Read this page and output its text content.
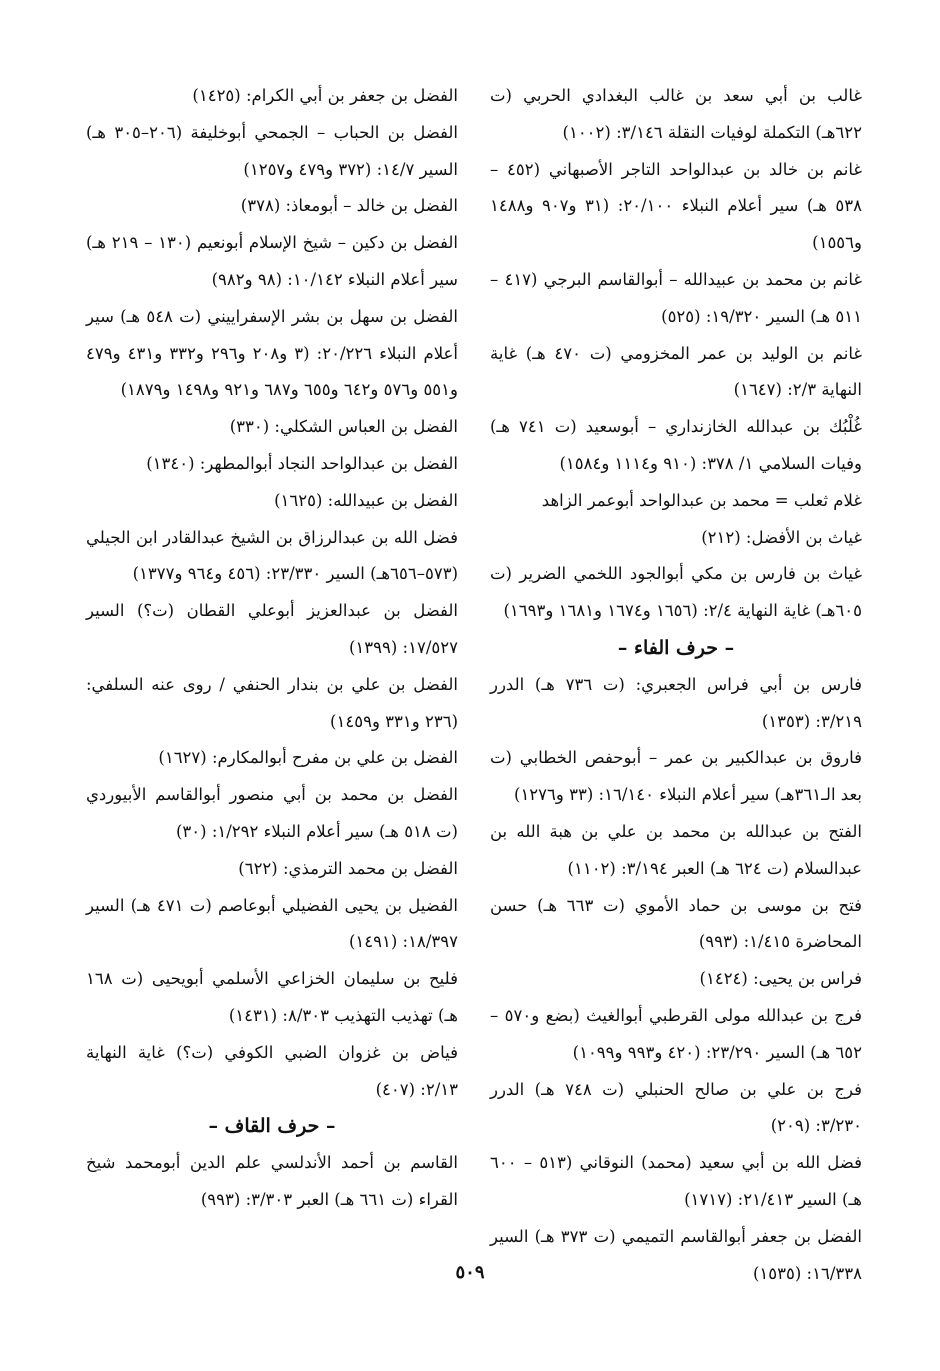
غالب بن أبي سعد بن غالب البغدادي الحربي (ت ٦٢٢هـ) التكملة لوفيات النقلة ٣/١٤٦: (١٠٠٢)

غانم بن خالد بن عبدالواحد التاجر الأصبهاني (٤٥٢ – ٥٣٨ هـ) سير أعلام النبلاء ٢٠/١٠٠: (٣١ و٩٠٧ و١٤٨٨ و١٥٥٦)

غانم بن محمد بن عبيدالله – أبوالقاسم البرجي (٤١٧ – ٥١١ هـ) السير ١٩/٣٢٠: (٥٢٥)

غانم بن الوليد بن عمر المخزومي (ت ٤٧٠ هـ) غاية النهاية ٢/٣: (١٦٤٧)

غُلْبُك بن عبدالله الخازنداري – أبوسعيد (ت ٧٤١ هـ) وفيات السلامي ١/ ٣٧٨: (٩١٠ و١١١٤ و١٥٨٤)

غلام ثعلب = محمد بن عبدالواحد أبوعمر الزاهد

غياث بن الأفضل: (٢١٢)

غياث بن فارس بن مكي أبوالجود اللخمي الضرير (ت ٦٠٥هـ) غاية النهاية ٢/٤: (١٦٥٦ و١٦٧٤ و١٦٨١ و١٦٩٣)

– حرف الفاء –

فارس بن أبي فراس الجعبري: (ت ٧٣٦ هـ) الدرر ٣/٢١٩: (١٣٥٣)

فاروق بن عبدالكبير بن عمر – أبوحفص الخطابي (ت بعد الـ٣٦١هـ) سير أعلام النبلاء ١٦/١٤٠: (٣٣ و١٢٧٦)

الفتح بن عبدالله بن محمد بن علي بن هبة الله بن عبدالسلام (ت ٦٢٤ هـ) العبر ٣/١٩٤: (١١٠٢)

فتح بن موسى بن حماد الأموي (ت ٦٦٣ هـ) حسن المحاضرة ١/٤١٥: (٩٩٣)

فراس بن يحيى: (١٤٢٤)

فرج بن عبدالله مولى القرطبي أبوالغيث (بضع و٥٧٠ – ٦٥٢ هـ) السير ٢٣/٢٩٠: (٤٢٠ و٩٩٣ و١٠٩٩)

فرج بن علي بن صالح الحنبلي (ت ٧٤٨ هـ) الدرر ٣/٢٣٠: (٢٠٩)

فضل الله بن أبي سعيد (محمد) النوقاني (٥١٣ – ٦٠٠ هـ) السير ٢١/٤١٣: (١٧١٧)

الفضل بن جعفر أبوالقاسم التميمي (ت ٣٧٣ هـ) السير ١٦/٣٣٨: (١٥٣٥)

الفضل بن جعفر بن أبي الكرام: (١٤٢٥)

الفضل بن الحباب – الجمحي أبوخليفة (٢٠٦–٣٠٥ هـ) السير ١٤/٧: (٣٧٢ و٤٧٩ و١٢٥٧)

الفضل بن خالد – أبومعاذ: (٣٧٨)

الفضل بن دكين – شيخ الإسلام أبونعيم (١٣٠ – ٢١٩ هـ) سير أعلام النبلاء ١٠/١٤٢: (٩٨ و٩٨٢)

الفضل بن سهل بن بشر الإسفراييني (ت ٥٤٨ هـ) سير أعلام النبلاء ٢٠/٢٢٦: (٣ و٢٠٨ و٢٩٦ و٣٣٢ و٤٣١ و٤٧٩ و٥٥١ و٥٧٦ و٦٤٢ و٦٥٥ و٦٨٧ و٩٢١ و١٤٩٨ و١٨٧٩)

الفضل بن العباس الشكلي: (٣٣٠)

الفضل بن عبدالواحد النجاد أبوالمطهر: (١٣٤٠)

الفضل بن عبيدالله: (١٦٢٥)

فضل الله بن عبدالرزاق بن الشيخ عبدالقادر ابن الجيلي (٥٧٣–٦٥٦هـ) السير ٢٣/٣٣٠: (٤٥٦ و٩٦٤ و١٣٧٧)

الفضل بن عبدالعزيز أبوعلي القطان (ت؟) السير ١٧/٥٢٧: (١٣٩٩)

الفضل بن علي بن بندار الحنفي / روى عنه السلفي: (٢٣٦ و٣٣١ و١٤٥٩)

الفضل بن علي بن مفرح أبوالمكارم: (١٦٢٧)

الفضل بن محمد بن أبي منصور أبوالقاسم الأبيوردي (ت ٥١٨ هـ) سير أعلام النبلاء ١/٢٩٢: (٣٠)

الفضل بن محمد الترمذي: (٦٢٢)

الفضيل بن يحيى الفضيلي أبوعاصم (ت ٤٧١ هـ) السير ١٨/٣٩٧: (١٤٩١)

فليح بن سليمان الخزاعي الأسلمي أبويحيى (ت ١٦٨ هـ) تهذيب التهذيب ٨/٣٠٣: (١٤٣١)

فياض بن غزوان الضبي الكوفي (ت؟) غاية النهاية ٢/١٣: (٤٠٧)

– حرف القاف –

القاسم بن أحمد الأندلسي علم الدين أبومحمد شيخ القراء (ت ٦٦١ هـ) العبر ٣/٣٠٣: (٩٩٣)

٥٠٩
